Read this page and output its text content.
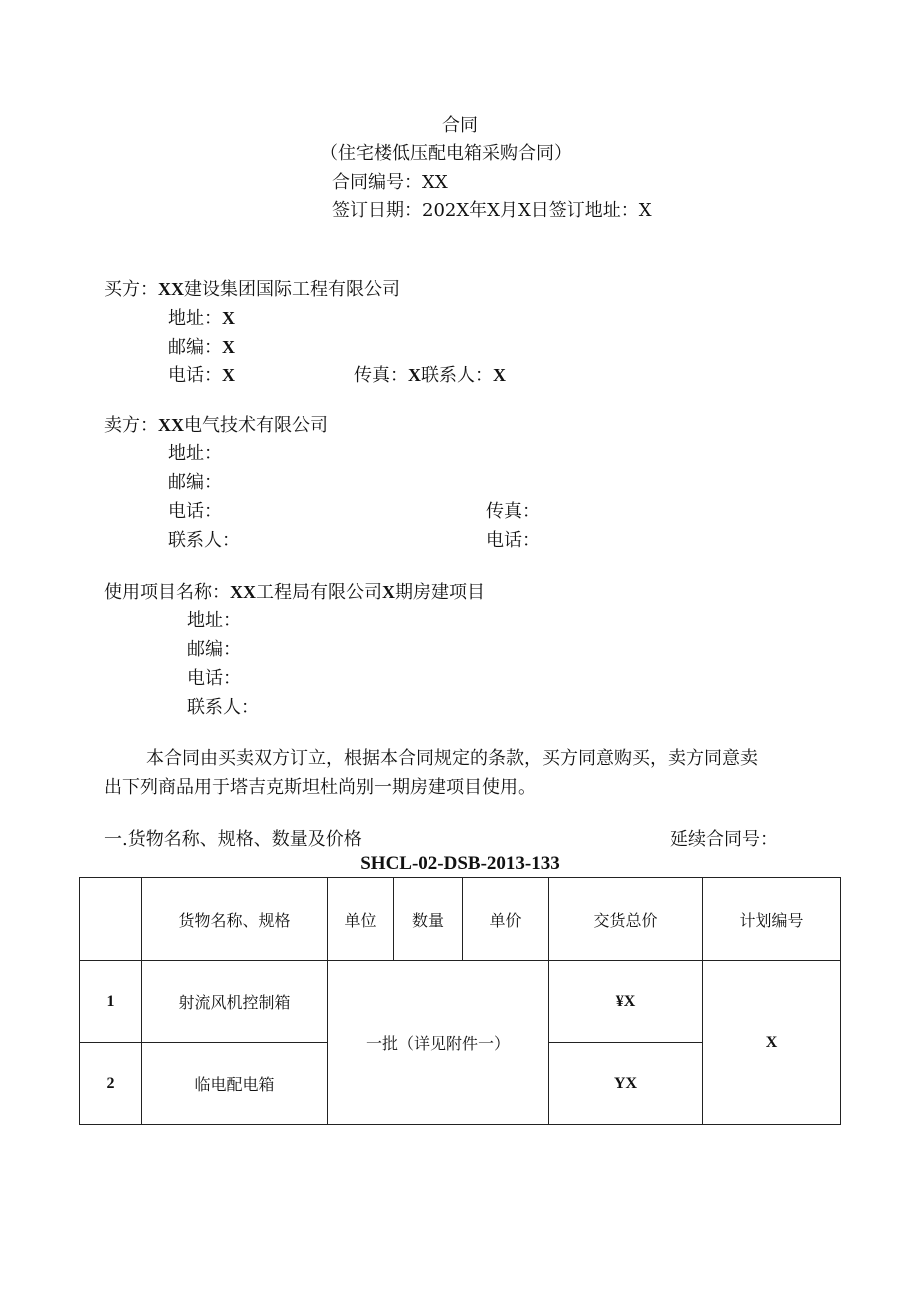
合同
（住宅楼低压配电箱采购合同）
合同编号：XX
签订日期：202X年X月X日签订地址：X
买方：XX建设集团国际工程有限公司
地址：X
邮编：X
电话：X	传真：X联系人：X
卖方：XX电气技术有限公司
地址：
邮编：
电话：	传真：
联系人：	电话：
使用项目名称：XX工程局有限公司X期房建项目
地址：
邮编：
电话：
联系人：
本合同由买卖双方订立，根据本合同规定的条款，买方同意购买，卖方同意卖
出下列商品用于塔吉克斯坦杜尚别一期房建项目使用。
一.货物名称、规格、数量及价格	延续合同号：
SHCL-02-DSB-2013-133
	货物名称、规格	单位	数量	单价	交货总价	计划编号
1	射流风机控制箱	一批（详见附件一）			¥X	X
2	临电配电箱				YX	
